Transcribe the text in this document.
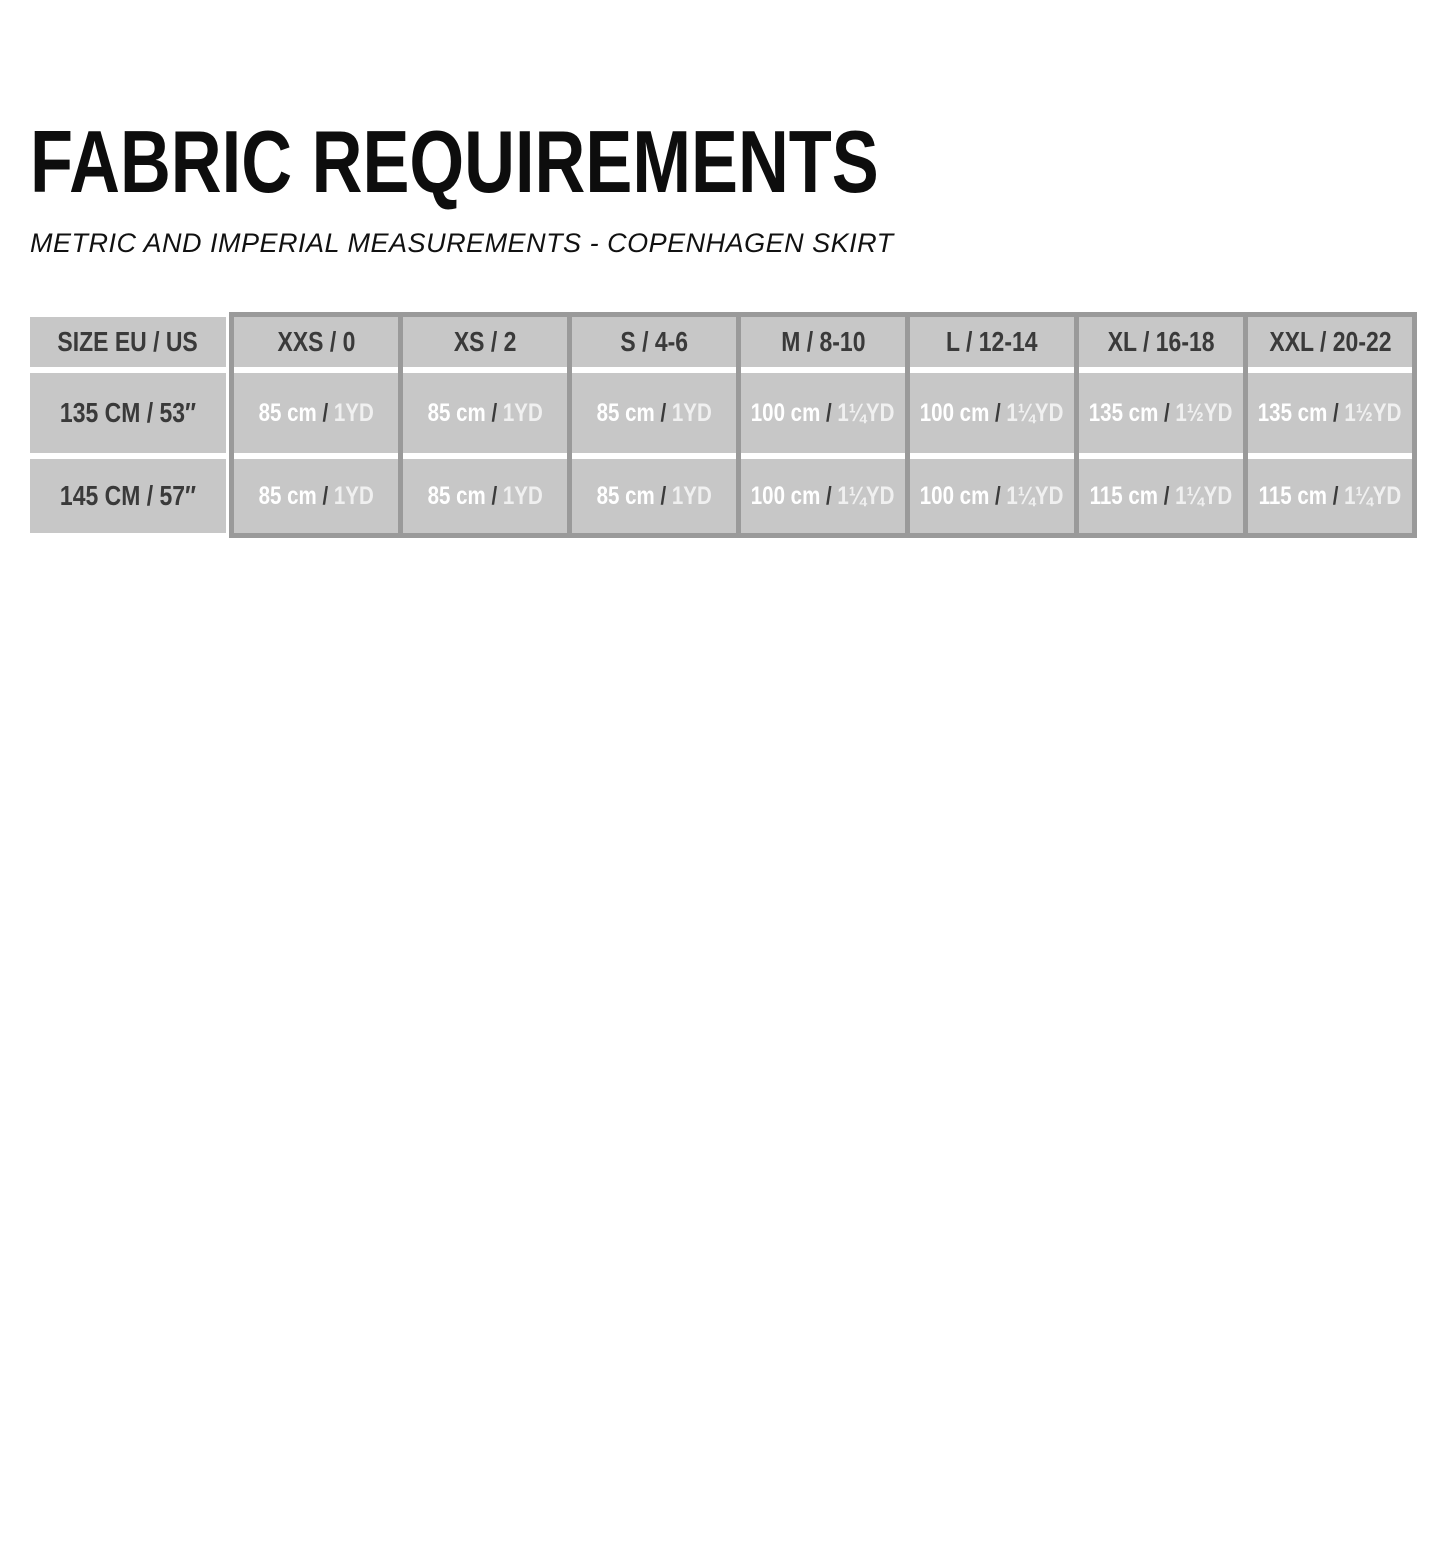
FABRIC REQUIREMENTS
METRIC AND IMPERIAL MEASUREMENTS - COPENHAGEN SKIRT
SIZE EU / US
135 CM / 53″
145 CM / 57″
XXS / 0
85 cm / 1YD
85 cm / 1YD
XS / 2
85 cm / 1YD
85 cm / 1YD
S / 4-6
85 cm / 1YD
85 cm / 1YD
M / 8-10
100 cm / 1¼YD
100 cm / 1¼YD
L / 12-14
100 cm / 1¼YD
100 cm / 1¼YD
XL / 16-18
135 cm / 1½YD
115 cm / 1¼YD
XXL / 20-22
135 cm / 1½YD
115 cm / 1¼YD
